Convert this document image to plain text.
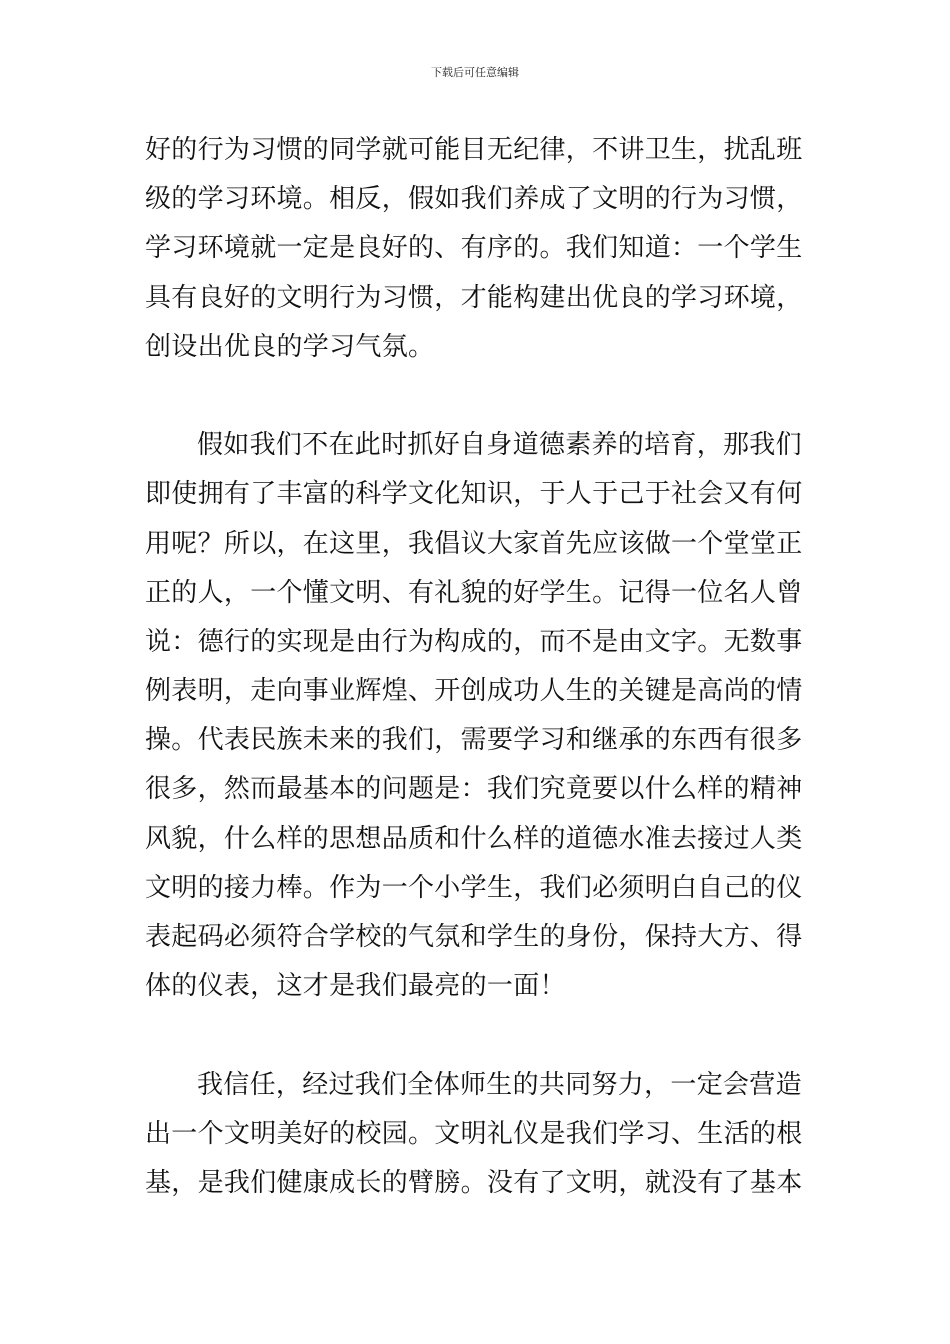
下载后可任意编辑
好的行为习惯的同学就可能目无纪律，不讲卫生，扰乱班
级的学习环境。相反，假如我们养成了文明的行为习惯，
学习环境就一定是良好的、有序的。我们知道：一个学生
具有良好的文明行为习惯，才能构建出优良的学习环境，
创设出优良的学习气氛。
假如我们不在此时抓好自身道德素养的培育，那我们
即使拥有了丰富的科学文化知识，于人于己于社会又有何
用呢？所以，在这里，我倡议大家首先应该做一个堂堂正
正的人，一个懂文明、有礼貌的好学生。记得一位名人曾
说：德行的实现是由行为构成的，而不是由文字。无数事
例表明，走向事业辉煌、开创成功人生的关键是高尚的情
操。代表民族未来的我们，需要学习和继承的东西有很多
很多，然而最基本的问题是：我们究竟要以什么样的精神
风貌，什么样的思想品质和什么样的道德水准去接过人类
文明的接力棒。作为一个小学生，我们必须明白自己的仪
表起码必须符合学校的气氛和学生的身份，保持大方、得
体的仪表，这才是我们最亮的一面！
我信任，经过我们全体师生的共同努力，一定会营造
出一个文明美好的校园。文明礼仪是我们学习、生活的根
基，是我们健康成长的臂膀。没有了文明，就没有了基本
